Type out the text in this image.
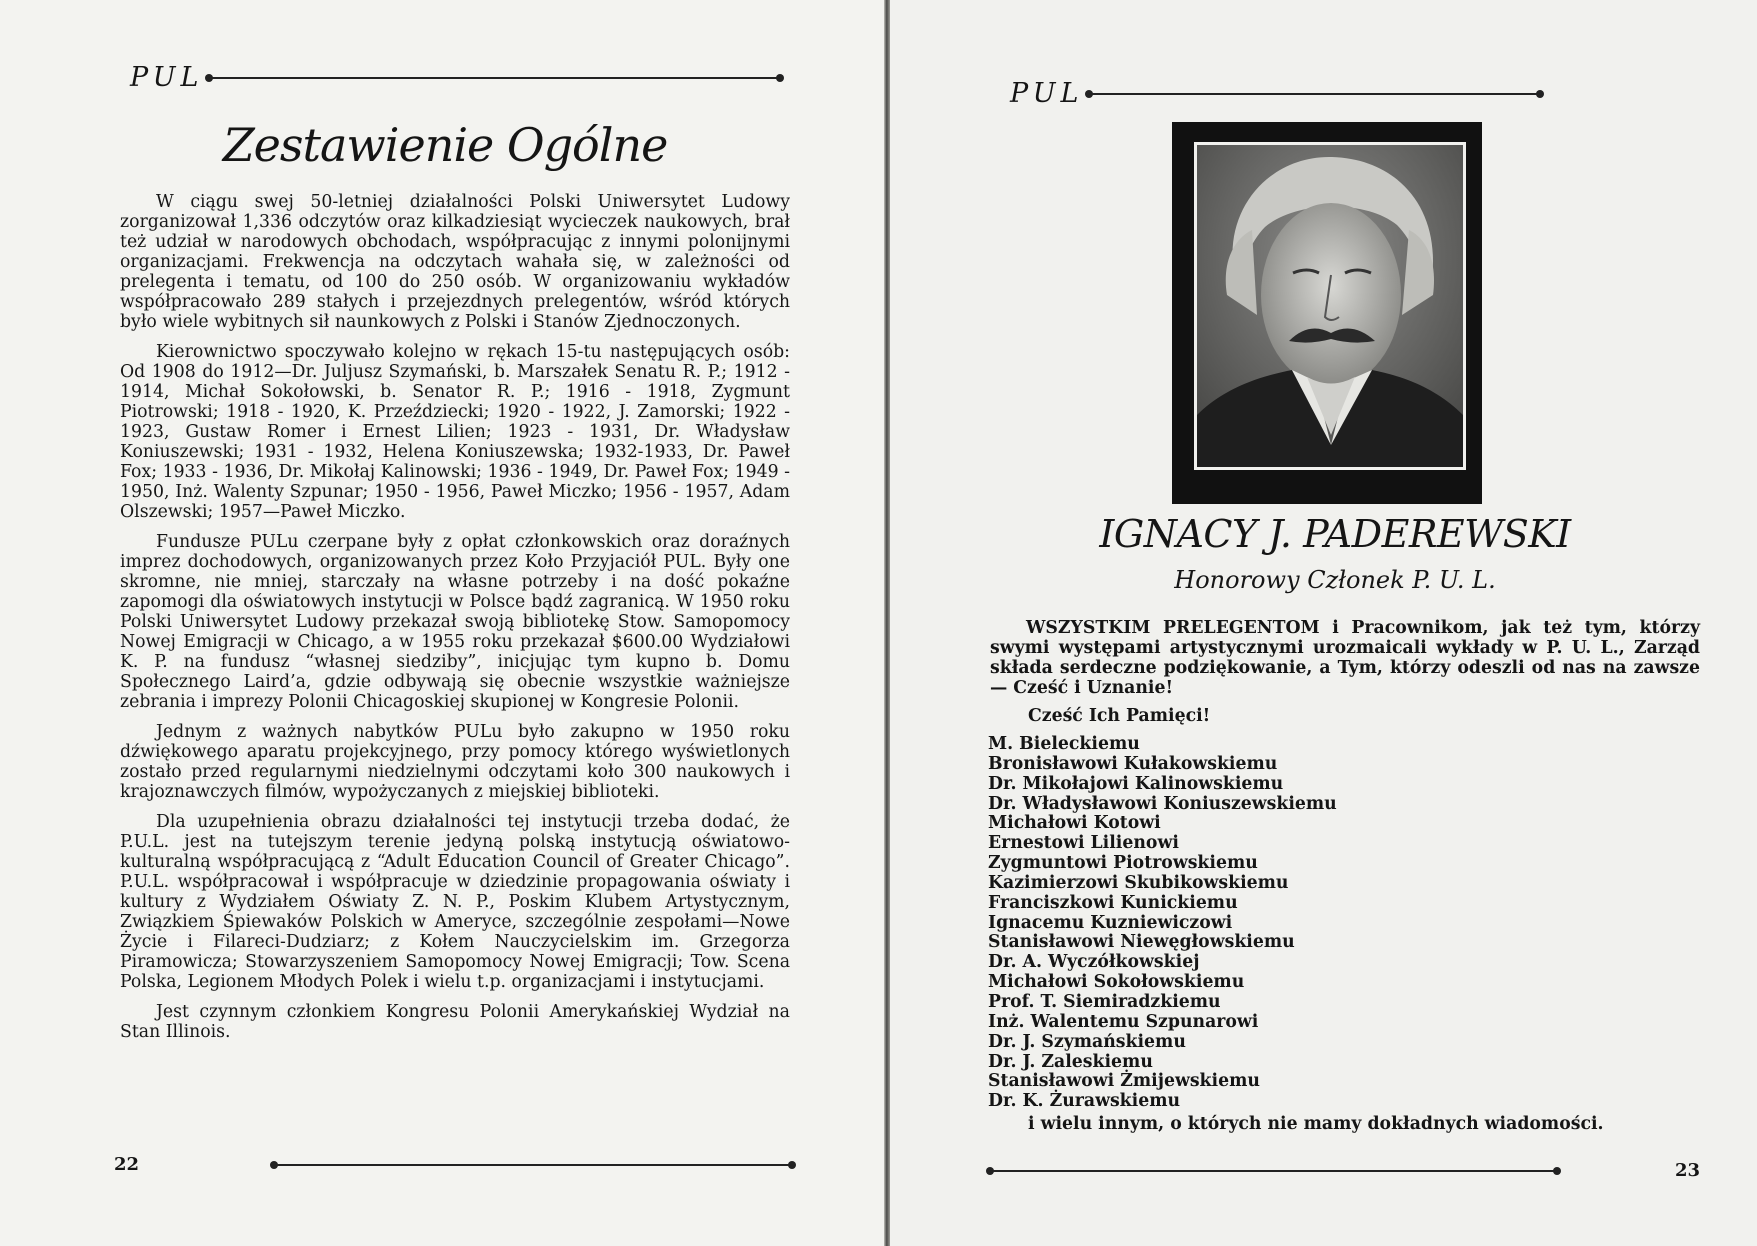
PUL
Zestawienie Ogólne

W ciągu swej 50-letniej działalności Polski Uniwersytet Ludowy zorganizował 1,336 odczytów oraz kilkadziesiąt wycieczek naukowych, brał też udział w narodowych obchodach, współpracując z innymi polonijnymi organizacjami. Frekwencja na odczytach wahała się, w zależności od prelegenta i tematu, od 100 do 250 osób. W organizowaniu wykładów współpracowało 289 stałych i przejezdnych prelegentów, wśród których było wiele wybitnych sił naunkowych z Polski i Stanów Zjednoczonych.

Kierownictwo spoczywało kolejno w rękach 15-tu następujących osób: Od 1908 do 1912—Dr. Juljusz Szymański, b. Marszałek Senatu R. P.; 1912 - 1914, Michał Sokołowski, b. Senator R. P.; 1916 - 1918, Zygmunt Piotrowski; 1918 - 1920, K. Przeździecki; 1920 - 1922, J. Zamorski; 1922 - 1923, Gustaw Romer i Ernest Lilien; 1923 - 1931, Dr. Władysław Koniuszewski; 1931 - 1932, Helena Koniuszewska; 1932-1933, Dr. Paweł Fox; 1933 - 1936, Dr. Mikołaj Kalinowski; 1936 - 1949, Dr. Paweł Fox; 1949 - 1950, Inż. Walenty Szpunar; 1950 - 1956, Paweł Miczko; 1956 - 1957, Adam Olszewski; 1957—Paweł Miczko.

Fundusze PULu czerpane były z opłat członkowskich oraz doraźnych imprez dochodowych, organizowanych przez Koło Przyjaciół PUL. Były one skromne, nie mniej, starczały na własne potrzeby i na dość pokaźne zapomogi dla oświatowych instytucji w Polsce bądź zagranicą. W 1950 roku Polski Uniwersytet Ludowy przekazał swoją bibliotekę Stow. Samopomocy Nowej Emigracji w Chicago, a w 1955 roku przekazał $600.00 Wydziałowi K. P. na fundusz “własnej siedziby”, inicjując tym kupno b. Domu Społecznego Laird’a, gdzie odbywają się obecnie wszystkie ważniejsze zebrania i imprezy Polonii Chicagoskiej skupionej w Kongresie Polonii.

Jednym z ważnych nabytków PULu było zakupno w 1950 roku dźwiękowego aparatu projekcyjnego, przy pomocy którego wyświetlonych zostało przed regularnymi niedzielnymi odczytami koło 300 naukowych i krajoznawczych filmów, wypożyczanych z miejskiej biblioteki.

Dla uzupełnienia obrazu działalności tej instytucji trzeba dodać, że P.U.L. jest na tutejszym terenie jedyną polską instytucją oświatowo-kulturalną współpracującą z “Adult Education Council of Greater Chicago”. P.U.L. współpracował i współpracuje w dziedzinie propagowania oświaty i kultury z Wydziałem Oświaty Z. N. P., Poskim Klubem Artystycznym, Związkiem Śpiewaków Polskich w Ameryce, szczególnie zespołami—Nowe Życie i Filareci-Dudziarz; z Kołem Nauczycielskim im. Grzegorza Piramowicza; Stowarzyszeniem Samopomocy Nowej Emigracji; Tow. Scena Polska, Legionem Młodych Polek i wielu t.p. organizacjami i instytucjami.

Jest czynnym członkiem Kongresu Polonii Amerykańskiej Wydział na Stan Illinois.

22
PUL
IGNACY J. PADEREWSKI
Honorowy Członek P. U. L.

WSZYSTKIM PRELEGENTOM i Pracownikom, jak też tym, którzy swymi występami artystycznymi urozmaicali wykłady w P. U. L., Zarząd składa serdeczne podziękowanie, a Tym, którzy odeszli od nas na zawsze — Cześć i Uznanie!

Cześć Ich Pamięci!
M. Bieleckiemu
Bronisławowi Kułakowskiemu
Dr. Mikołajowi Kalinowskiemu
Dr. Władysławowi Koniuszewskiemu
Michałowi Kotowi
Ernestowi Lilienowi
Zygmuntowi Piotrowskiemu
Kazimierzowi Skubikowskiemu
Franciszkowi Kunickiemu
Ignacemu Kuzniewiczowi
Stanisławowi Niewęgłowskiemu
Dr. A. Wyczółkowskiej
Michałowi Sokołowskiemu
Prof. T. Siemiradzkiemu
Inż. Walentemu Szpunarowi
Dr. J. Szymańskiemu
Dr. J. Zaleskiemu
Stanisławowi Żmijewskiemu
Dr. K. Żurawskiemu
i wielu innym, o których nie mamy dokładnych wiadomości.
23
